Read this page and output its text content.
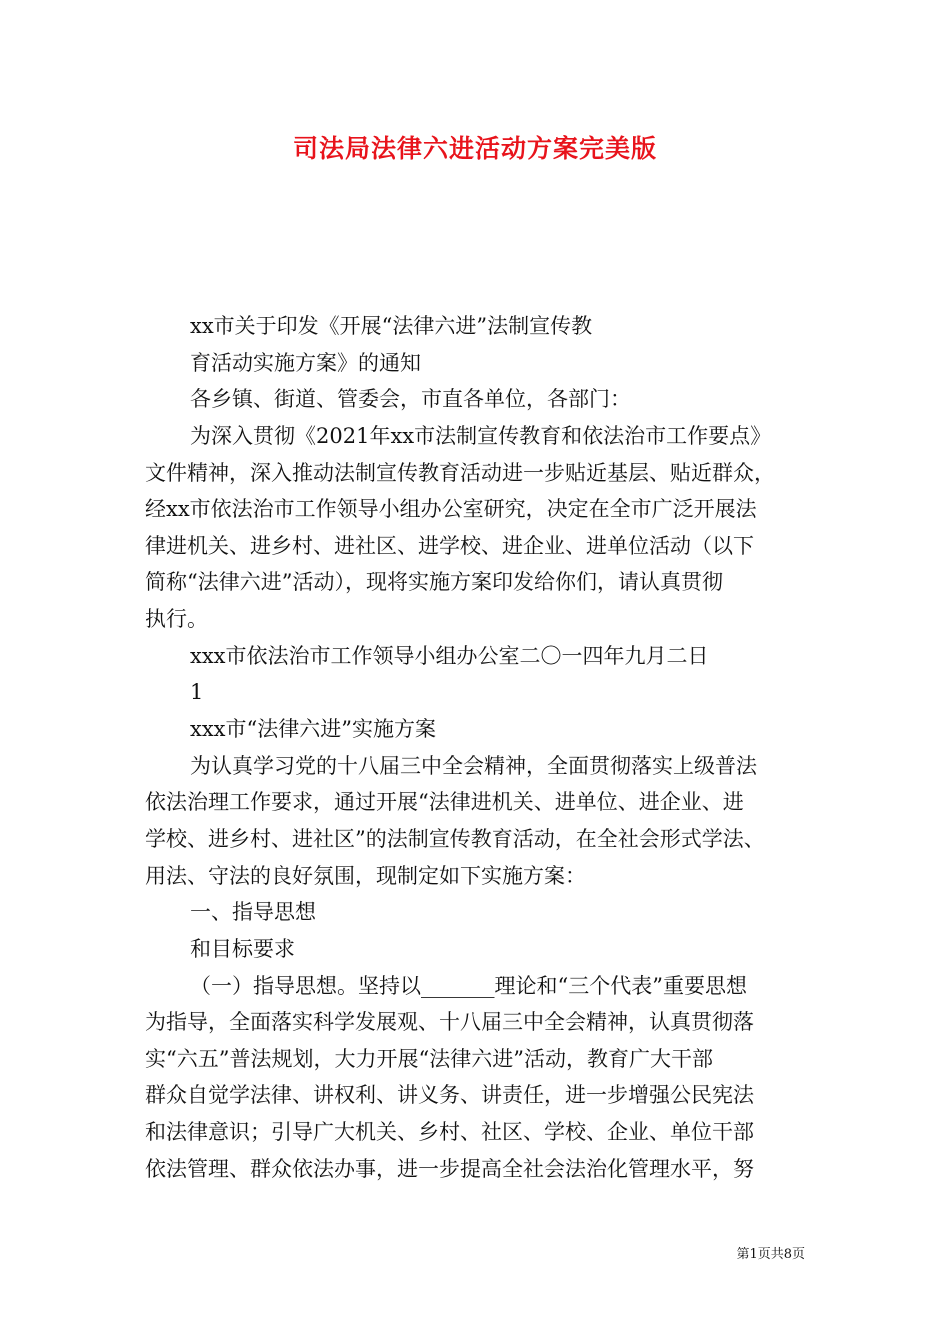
司法局法律六进活动方案完美版
xx市关于印发《开展“法律六进”法制宣传教
育活动实施方案》的通知
各乡镇、街道、管委会，市直各单位，各部门：
为深入贯彻《2021年xx市法制宣传教育和依法治市工作要点》
文件精神，深入推动法制宣传教育活动进一步贴近基层、贴近群众，
经xx市依法治市工作领导小组办公室研究，决定在全市广泛开展法
律进机关、进乡村、进社区、进学校、进企业、进单位活动（以下
简称“法律六进”活动），现将实施方案印发给你们，请认真贯彻
执行。
xxx市依法治市工作领导小组办公室二〇一四年九月二日
1
xxx市“法律六进”实施方案
为认真学习党的十八届三中全会精神，全面贯彻落实上级普法
依法治理工作要求，通过开展“法律进机关、进单位、进企业、进
学校、进乡村、进社区”的法制宣传教育活动，在全社会形式学法、
用法、守法的良好氛围，现制定如下实施方案：
一、指导思想
和目标要求
（一）指导思想。坚持以_______理论和“三个代表”重要思想
为指导，全面落实科学发展观、十八届三中全会精神，认真贯彻落
实“六五”普法规划，大力开展“法律六进”活动，教育广大干部
群众自觉学法律、讲权利、讲义务、讲责任，进一步增强公民宪法
和法律意识；引导广大机关、乡村、社区、学校、企业、单位干部
依法管理、群众依法办事，进一步提高全社会法治化管理水平，努
第1页共8页
